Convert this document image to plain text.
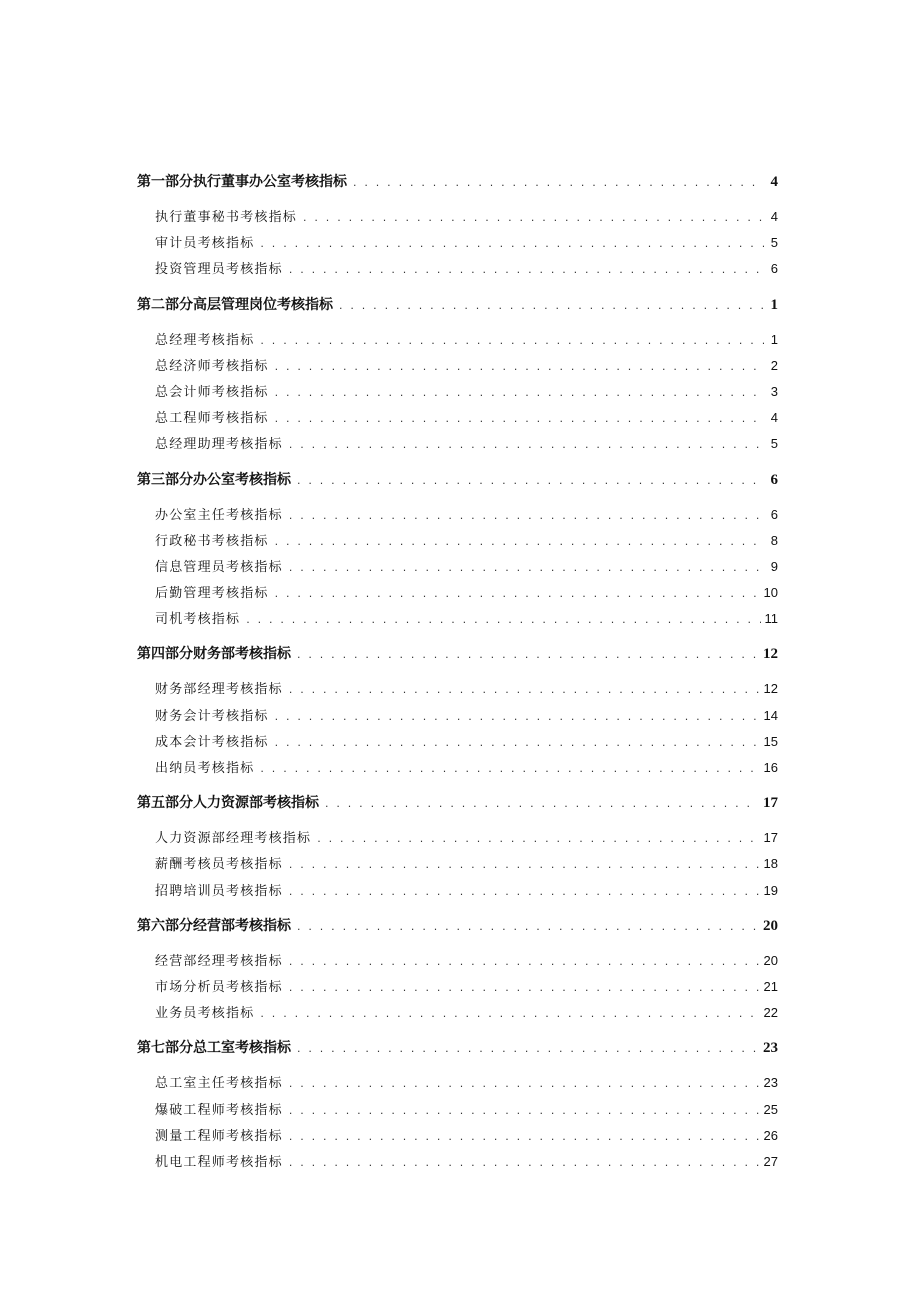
第一部分执行董事办公室考核指标 . . .	4
执行董事秘书考核指标 . . .	4
审计员考核指标 . . .	5
投资管理员考核指标 . . .	6
第二部分高层管理岗位考核指标 . . .	1
总经理考核指标 . . .	1
总经济师考核指标 . . .	2
总会计师考核指标 . . .	3
总工程师考核指标 . . .	4
总经理助理考核指标 . . .	5
第三部分办公室考核指标 . . .	6
办公室主任考核指标 . . .	6
行政秘书考核指标 . . .	8
信息管理员考核指标 . . .	9
后勤管理考核指标 . . .	10
司机考核指标 . . .	11
第四部分财务部考核指标 . . .	12
财务部经理考核指标 . . .	12
财务会计考核指标 . . .	14
成本会计考核指标 . . .	15
出纳员考核指标 . . .	16
第五部分人力资源部考核指标 . . .	17
人力资源部经理考核指标 . . .	17
薪酬考核员考核指标 . . .	18
招聘培训员考核指标 . . .	19
第六部分经营部考核指标 . . .	20
经营部经理考核指标 . . .	20
市场分析员考核指标 . . .	21
业务员考核指标 . . .	22
第七部分总工室考核指标 . . .	23
总工室主任考核指标 . . .	23
爆破工程师考核指标 . . .	25
测量工程师考核指标 . . .	26
机电工程师考核指标 . . .	27
